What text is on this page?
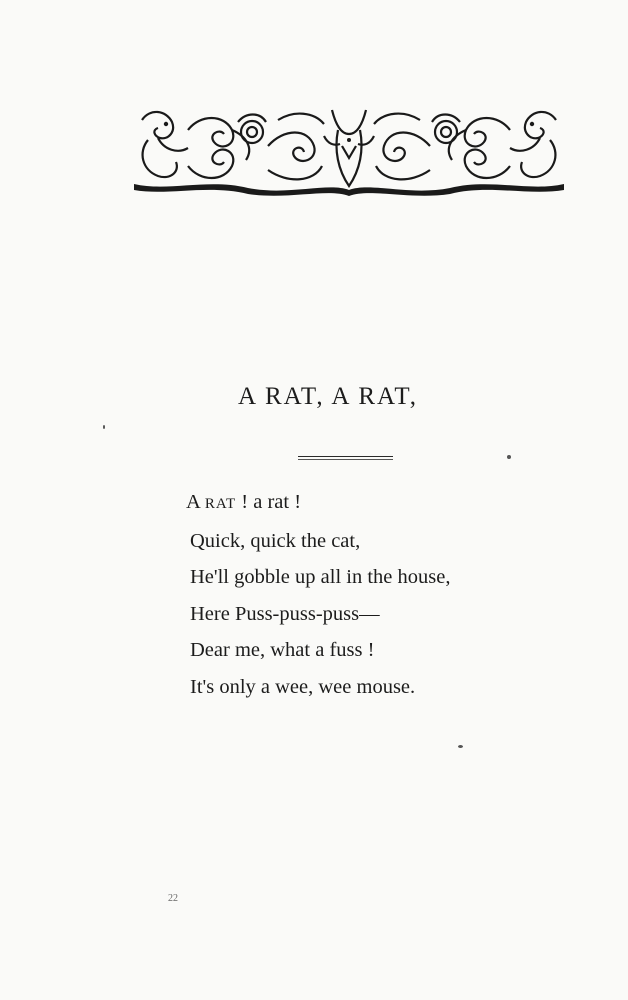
A RAT, A RAT,
A RAT ! a rat !
Quick, quick the cat,
He'll gobble up all in the house,
Here Puss-puss-puss—
Dear me, what a fuss !
It's only a wee, wee mouse.
22
